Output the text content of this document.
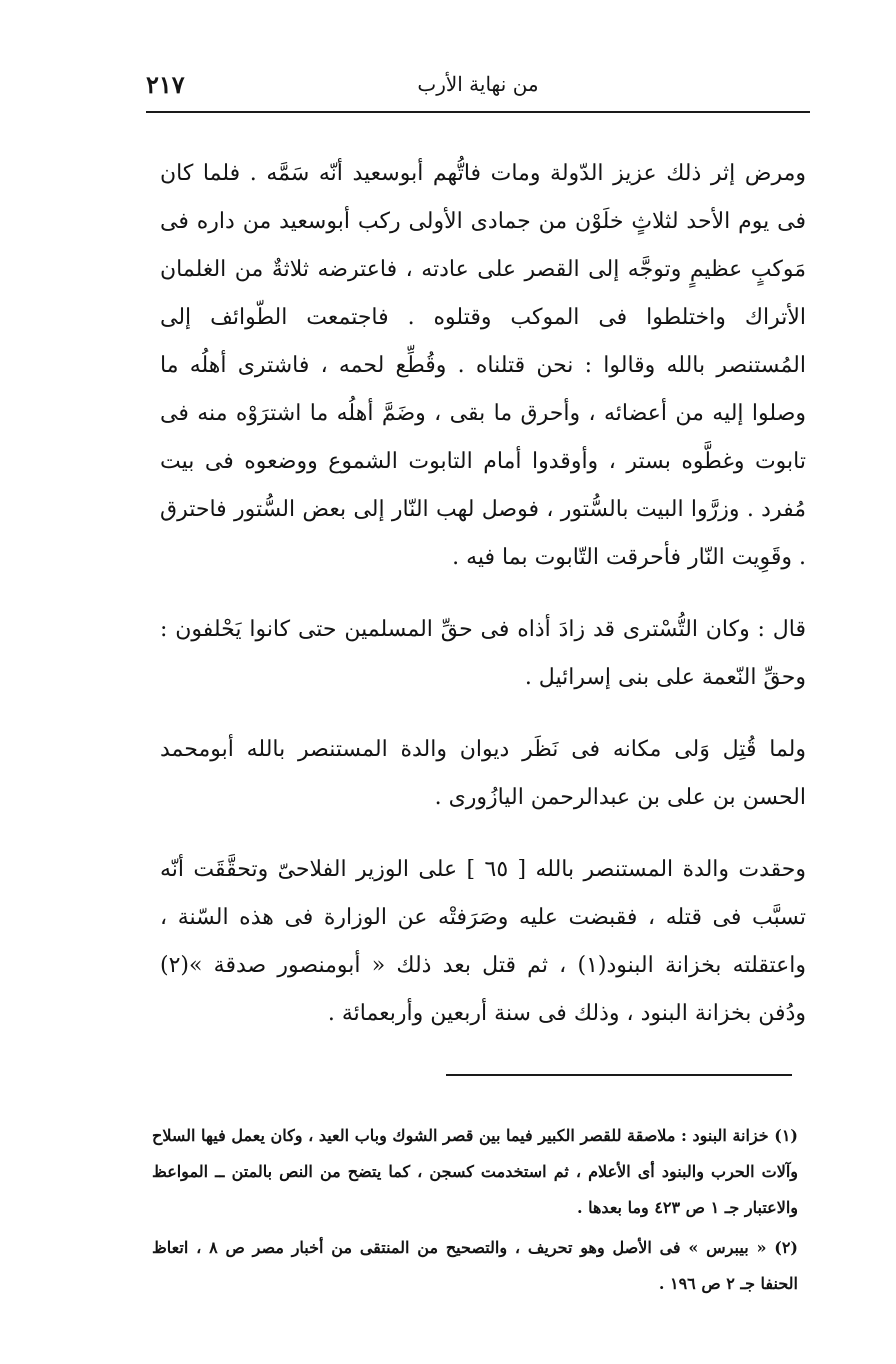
٢١٧	من نهاية الأرب

ومرض إثر ذلك عزيز الدّولة ومات فاتُّهم أبوسعيد أنّه سَمَّه . فلما كان فى يوم الأحد لثلاثٍ خلَوْن من جمادى الأولى ركب أبوسعيد من داره فى مَوكبٍ عظيمٍ وتوجَّه إلى القصر على عادته ، فاعترضه ثلاثةٌ من الغلمان الأتراك واختلطوا فى الموكب وقتلوه . فاجتمعت الطّوائف إلى المُستنصر بالله وقالوا : نحن قتلناه . وقُطِّع لحمه ، فاشترى أهلُه ما وصلوا إليه من أعضائه ، وأحرق ما بقى ، وضَمَّ أهلُه ما اشترَوْه منه فى تابوت وغطَّوه بستر ، وأوقدوا أمام التابوت الشموع ووضعوه فى بيت مُفرد . وزرَّوا البيت بالسُّتور ، فوصل لهب النّار إلى بعض السُّتور فاحترق . وقَوِيت النّار فأحرقت التّابوت بما فيه .

قال : وكان التُّسْترى قد زادَ أذاه فى حقِّ المسلمين حتى كانوا يَحْلفون : وحقِّ النّعمة على بنى إسرائيل .

ولما قُتِل وَلى مكانه فى نَظَر ديوان والدة المستنصر بالله أبومحمد الحسن بن على بن عبدالرحمن اليازُورى .

وحقدت والدة المستنصر بالله [ ٦٥ ] على الوزير الفلاحىّ وتحقَّقَت أنّه تسبَّب فى قتله ، فقبضت عليه وصَرَفتْه عن الوزارة فى هذه السّنة ، واعتقلته بخزانة البنود(١) ، ثم قتل بعد ذلك « أبومنصور صدقة »(٢) ودُفن بخزانة البنود ، وذلك فى سنة أربعين وأربعمائة .

(١) خزانة البنود : ملاصقة للقصر الكبير فيما بين قصر الشوك وباب العيد ، وكان يعمل فيها السلاح وآلات الحرب والبنود أى الأعلام ، ثم استخدمت كسجن ، كما يتضح من النص بالمتن ــ المواعظ والاعتبار جـ ١ ص ٤٢٣ وما بعدها .

(٢) « بيبرس » فى الأصل وهو تحريف ، والتصحيح من المنتقى من أخبار مصر ص ٨ ، اتعاظ الحنفا جـ ٢ ص ١٩٦ .
